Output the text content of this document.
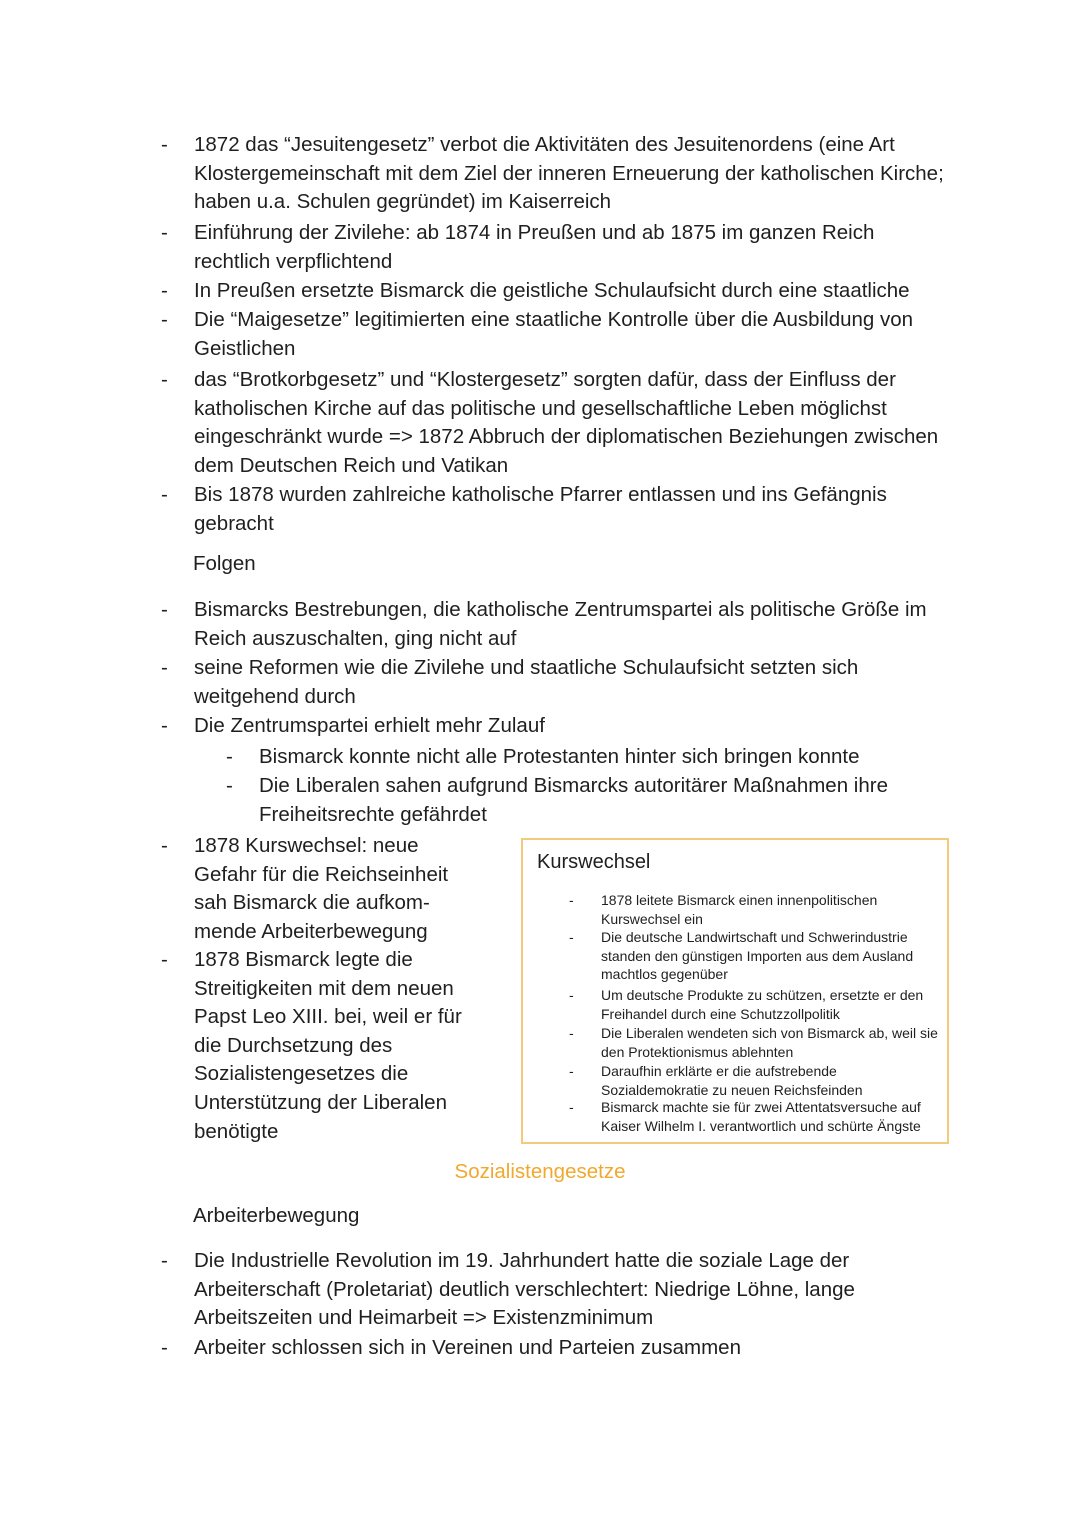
- 1872 das “Jesuitengesetz” verbot die Aktivitäten des Jesuitenordens (eine Art Klostergemeinschaft mit dem Ziel der inneren Erneuerung der katholischen Kirche; haben u.a. Schulen gegründet) im Kaiserreich
- Einführung der Zivilehe: ab 1874 in Preußen und ab 1875 im ganzen Reich rechtlich verpflichtend
- In Preußen ersetzte Bismarck die geistliche Schulaufsicht durch eine staatliche
- Die “Maigesetze” legitimierten eine staatliche Kontrolle über die Ausbildung von Geistlichen
- das “Brotkorbgesetz” und “Klostergesetz” sorgten dafür, dass der Einfluss der katholischen Kirche auf das politische und gesellschaftliche Leben möglichst eingeschränkt wurde => 1872 Abbruch der diplomatischen Beziehungen zwischen dem Deutschen Reich und Vatikan
- Bis 1878 wurden zahlreiche katholische Pfarrer entlassen und ins Gefängnis gebracht
Folgen
- Bismarcks Bestrebungen, die katholische Zentrumspartei als politische Größe im Reich auszuschalten, ging nicht auf
- seine Reformen wie die Zivilehe und staatliche Schulaufsicht setzten sich weitgehend durch
- Die Zentrumspartei erhielt mehr Zulauf
- Bismarck konnte nicht alle Protestanten hinter sich bringen konnte
- Die Liberalen sahen aufgrund Bismarcks autoritärer Maßnahmen ihre Freiheitsrechte gefährdet
- 1878 Kurswechsel: neue Gefahr für die Reichseinheit sah Bismarck die aufkom- mende Arbeiterbewegung
- 1878 Bismarck legte die Streitigkeiten mit dem neuen Papst Leo XIII. bei, weil er für die Durchsetzung des Sozialistengesetzes die Unterstützung der Liberalen benötigte
Kurswechsel
- 1878 leitete Bismarck einen innenpolitischen Kurswechsel ein
- Die deutsche Landwirtschaft und Schwerindustrie standen den günstigen Importen aus dem Ausland machtlos gegenüber
- Um deutsche Produkte zu schützen, ersetzte er den Freihandel durch eine Schutzzollpolitik
- Die Liberalen wendeten sich von Bismarck ab, weil sie den Protektionismus ablehnten
- Daraufhin erklärte er die aufstrebende Sozialdemokratie zu neuen Reichsfeinden
- Bismarck machte sie für zwei Attentatsversuche auf Kaiser Wilhelm I. verantwortlich und schürte Ängste
Sozialistengesetze
Arbeiterbewegung
- Die Industrielle Revolution im 19. Jahrhundert hatte die soziale Lage der Arbeiterschaft (Proletariat) deutlich verschlechtert: Niedrige Löhne, lange Arbeitszeiten und Heimarbeit => Existenzminimum
- Arbeiter schlossen sich in Vereinen und Parteien zusammen
